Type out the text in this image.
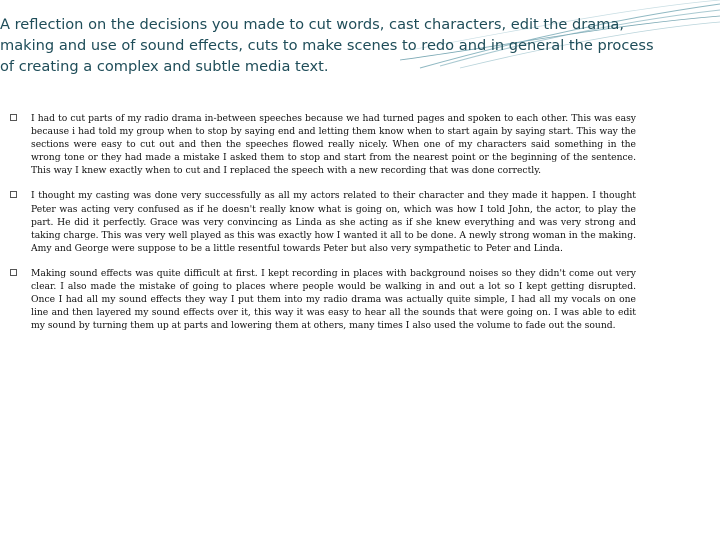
A reflection on the decisions you made to cut words, cast characters, edit the drama, making and use of sound effects, cuts to make scenes to redo and in general the process of creating a complex and subtle media text.
I had to cut parts of my radio drama in-between speeches because we had turned pages and spoken to each other. This was easy because i had told my group when to stop by saying end and letting them know when to start again by saying start. This way the sections were easy to cut out and then the speeches flowed really nicely. When one of my characters said something in the wrong tone or they had made a mistake I asked them to stop and start from the nearest point or the beginning of the sentence. This way I knew exactly when to cut and I replaced the speech with a new recording that was done correctly.
I thought my casting was done very successfully as all my actors related to their character and they made it happen. I thought Peter was acting very confused as if he doesn't really know what is going on, which was how I told John, the actor, to play the part. He did it perfectly. Grace was very convincing as Linda as she acting as if she knew everything and was very strong and taking charge. This was very well played as this was exactly how I wanted it all to be done. A newly strong woman in the making. Amy and George were suppose to be a little resentful towards Peter but also very sympathetic to Peter and Linda.
Making sound effects was quite difficult at first. I kept recording in places with background noises so they didn't come out very clear. I also made the mistake of going to places where people would be walking in and out a lot so I kept getting disrupted. Once I had all my sound effects they way I put them into my radio drama was actually quite simple, I had all my vocals on one line and then layered my sound effects over it, this way it was easy to hear all the sounds that were going on. I was able to edit my sound by turning them up at parts and lowering them at others, many times I also used the volume to fade out the sound.
